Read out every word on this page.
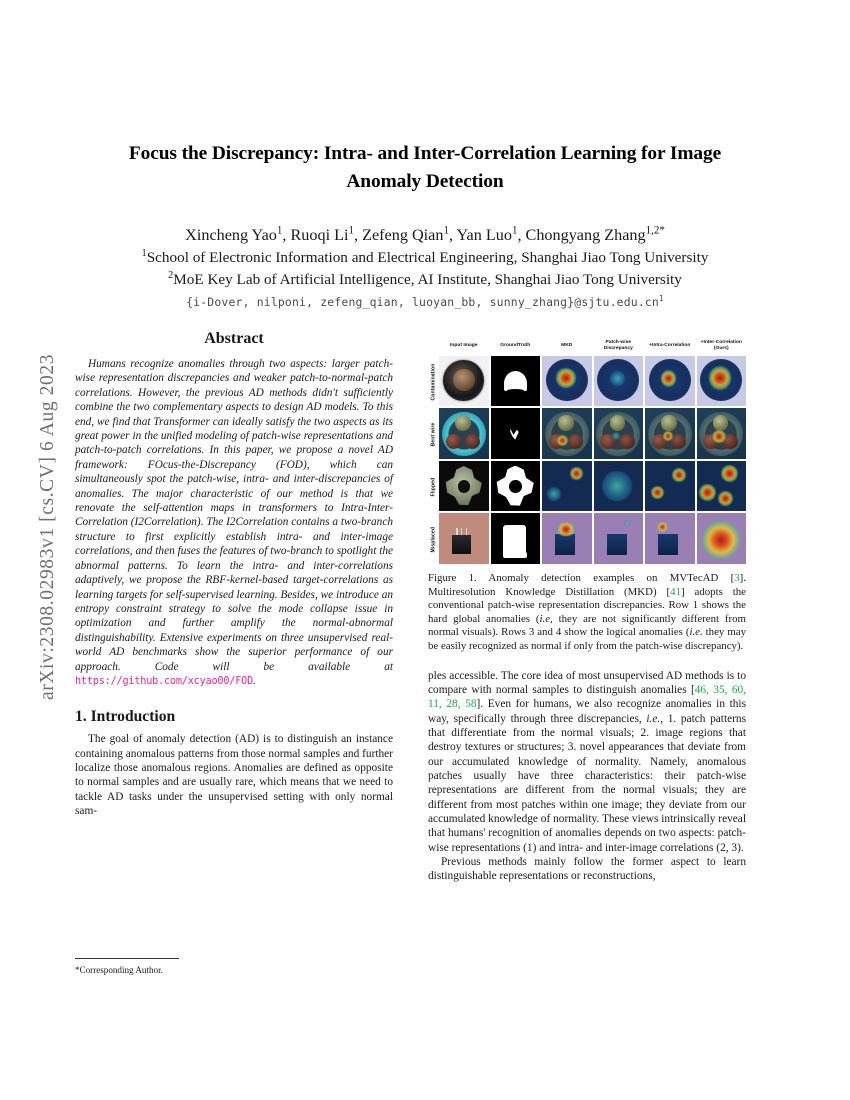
arXiv:2308.02983v1 [cs.CV] 6 Aug 2023
Focus the Discrepancy: Intra- and Inter-Correlation Learning for Image Anomaly Detection
Xincheng Yao$^1$, Ruoqi Li$^1$, Zefeng Qian$^1$, Yan Luo$^1$, Chongyang Zhang$^{1,2*}$
$^1$School of Electronic Information and Electrical Engineering, Shanghai Jiao Tong University
$^2$MoE Key Lab of Artificial Intelligence, AI Institute, Shanghai Jiao Tong University
{i-Dover, nilponi, zefeng_qian, luoyan_bb, $sunny\_zhang\}@sjtu.edu.cn^1$
Abstract

Humans recognize anomalies through two aspects: larger patch-wise representation discrepancies and weaker patch-to-normal-patch correlations. However, the previous AD methods didn't sufficiently combine the two complementary aspects to design AD models. To this end, we find that Transformer can ideally satisfy the two aspects as its great power in the unified modeling of patch-wise representations and patch-to-patch correlations. In this paper, we propose a novel AD framework: FOcus-the-Discrepancy (FOD), which can simultaneously spot the patch-wise, intra- and inter-discrepancies of anomalies. The major characteristic of our method is that we renovate the self-attention maps in transformers to Intra-Inter-Correlation (I2Correlation). The I2Correlation contains a two-branch structure to first explicitly establish intra- and inter-image correlations, and then fuses the features of two-branch to spotlight the abnormal patterns. To learn the intra- and inter-correlations adaptively, we propose the RBF-kernel-based target-correlations as learning targets for self-supervised learning. Besides, we introduce an entropy constraint strategy to solve the mode collapse issue in optimization and further amplify the normal-abnormal distinguishability. Extensive experiments on three unsupervised real-world AD benchmarks show the superior performance of our approach. Code will be available at https://github.com/xcyao00/FOD.

1. Introduction

The goal of anomaly detection (AD) is to distinguish an instance containing anomalous patterns from those normal samples and further localize those anomalous regions. Anomalies are defined as opposite to normal samples and are usually rare, which means that we need to tackle AD tasks under the unsupervised setting with only normal sam-

*Corresponding Author.
Contamination
Bent wire
Flipped
Misplaced
Input Image	GroundTruth	MKD
Patch-wise Discrepancy
+Intra-Correlation
+Inter-Correlation (Ours)
Figure 1. Anomaly detection examples on MVTecAD [3]. Multiresolution Knowledge Distillation (MKD) [41] adopts the conventional patch-wise representation discrepancies. Row 1 shows the hard global anomalies (i.e, they are not significantly different from normal visuals). Rows 3 and 4 show the logical anomalies (i.e. they may be easily recognized as normal if only from the patch-wise discrepancy).

ples accessible. The core idea of most unsupervised AD methods is to compare with normal samples to distinguish anomalies [46, 35, 60, 11, 28, 58]. Even for humans, we also recognize anomalies in this way, specifically through three discrepancies, i.e., 1. patch patterns that differentiate from the normal visuals; 2. image regions that destroy textures or structures; 3. novel appearances that deviate from our accumulated knowledge of normality. Namely, anomalous patches usually have three characteristics: their patch-wise representations are different from the normal visuals; they are different from most patches within one image; they deviate from our accumulated knowledge of normality. These views intrinsically reveal that humans' recognition of anomalies depends on two aspects: patch-wise representations (1) and intra- and inter-image correlations (2, 3).

Previous methods mainly follow the former aspect to learn distinguishable representations or reconstructions,
